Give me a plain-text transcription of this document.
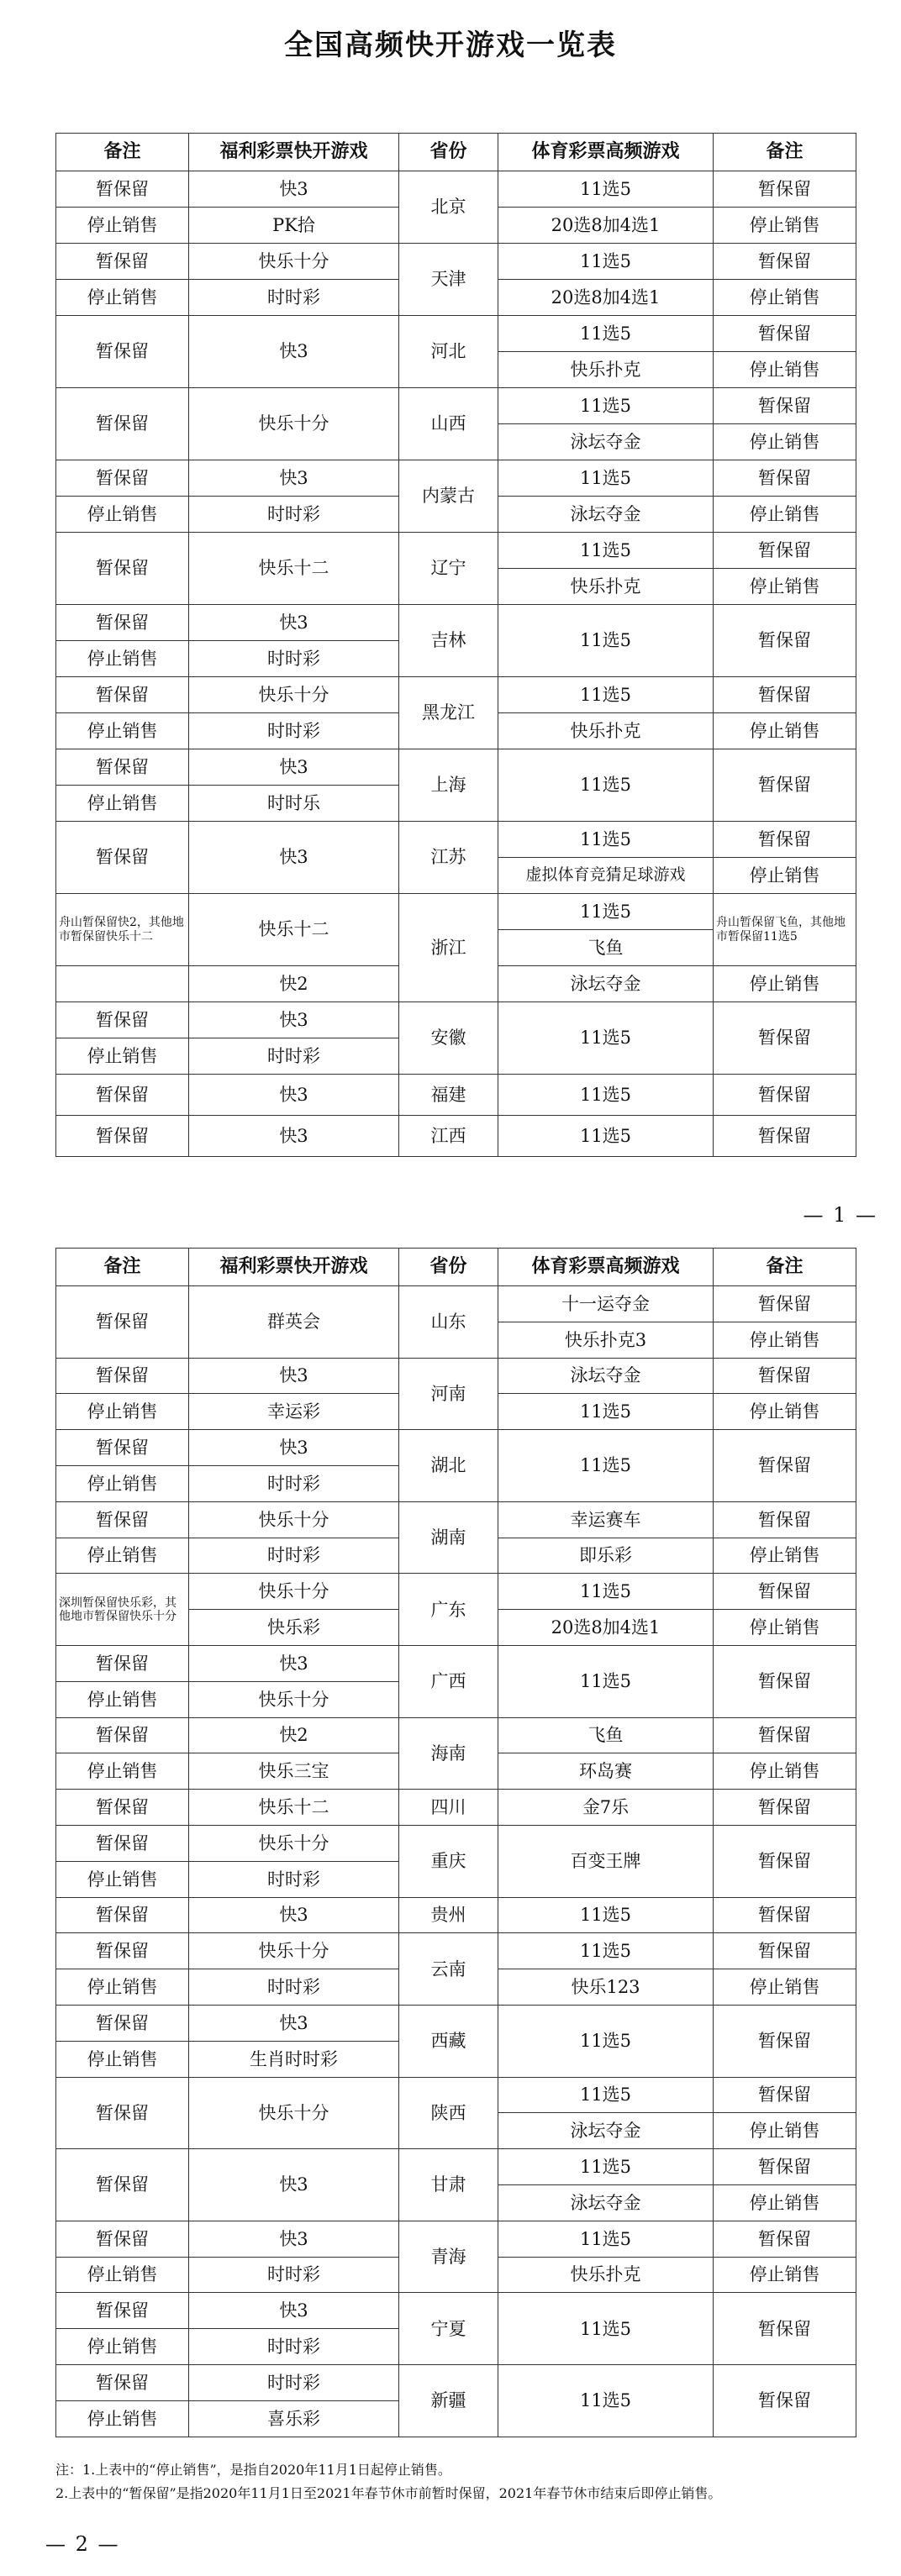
全国高频快开游戏一览表
备注	福利彩票快开游戏	省份	体育彩票高频游戏	备注
暂保留	快3	北京	11选5	暂保留
停止销售	PK拾		20选8加4选1	停止销售
暂保留	快乐十分	天津	11选5	暂保留
停止销售	时时彩		20选8加4选1	停止销售
暂保留	快3	河北	11选5	暂保留
			快乐扑克	停止销售
暂保留	快乐十分	山西	11选5	暂保留
			泳坛夺金	停止销售
暂保留	快3	内蒙古	11选5	暂保留
停止销售	时时彩		泳坛夺金	停止销售
暂保留	快乐十二	辽宁	11选5	暂保留
			快乐扑克	停止销售
暂保留	快3	吉林	11选5	暂保留
停止销售	时时彩			
暂保留	快乐十分	黑龙江	11选5	暂保留
停止销售	时时彩		快乐扑克	停止销售
暂保留	快3	上海	11选5	暂保留
停止销售	时时乐			
暂保留	快3	江苏	11选5	暂保留
			虚拟体育竞猜足球游戏	停止销售
舟山暂保留快2，其他地市暂保留快乐十二	快乐十二	浙江	11选5	舟山暂保留飞鱼，其他地市暂保留11选5
			飞鱼	
	快2		泳坛夺金	停止销售
暂保留	快3	安徽	11选5	暂保留
停止销售	时时彩			
暂保留	快3	福建	11选5	暂保留
暂保留	快3	江西	11选5	暂保留
— 1 —
备注	福利彩票快开游戏	省份	体育彩票高频游戏	备注
暂保留	群英会	山东	十一运夺金	暂保留
			快乐扑克3	停止销售
暂保留	快3	河南	泳坛夺金	暂保留
停止销售	幸运彩		11选5	停止销售
暂保留	快3	湖北	11选5	暂保留
停止销售	时时彩			
暂保留	快乐十分	湖南	幸运赛车	暂保留
停止销售	时时彩		即乐彩	停止销售
深圳暂保留快乐彩，其他地市暂保留快乐十分	快乐十分	广东	11选5	暂保留
	快乐彩		20选8加4选1	停止销售
暂保留	快3	广西	11选5	暂保留
停止销售	快乐十分			
暂保留	快2	海南	飞鱼	暂保留
停止销售	快乐三宝		环岛赛	停止销售
暂保留	快乐十二	四川	金7乐	暂保留
暂保留	快乐十分	重庆	百变王牌	暂保留
停止销售	时时彩			
暂保留	快3	贵州	11选5	暂保留
暂保留	快乐十分	云南	11选5	暂保留
停止销售	时时彩		快乐123	停止销售
暂保留	快3	西藏	11选5	暂保留
停止销售	生肖时时彩			
暂保留	快乐十分	陕西	11选5	暂保留
			泳坛夺金	停止销售
暂保留	快3	甘肃	11选5	暂保留
			泳坛夺金	停止销售
暂保留	快3	青海	11选5	暂保留
停止销售	时时彩		快乐扑克	停止销售
暂保留	快3	宁夏	11选5	暂保留
停止销售	时时彩			
暂保留	时时彩	新疆	11选5	暂保留
停止销售	喜乐彩			
注：1.上表中的“停止销售”，是指自2020年11月1日起停止销售。
2.上表中的“暂保留”是指2020年11月1日至2021年春节休市前暂时保留，2021年春节休市结束后即停止销售。
— 2 —
